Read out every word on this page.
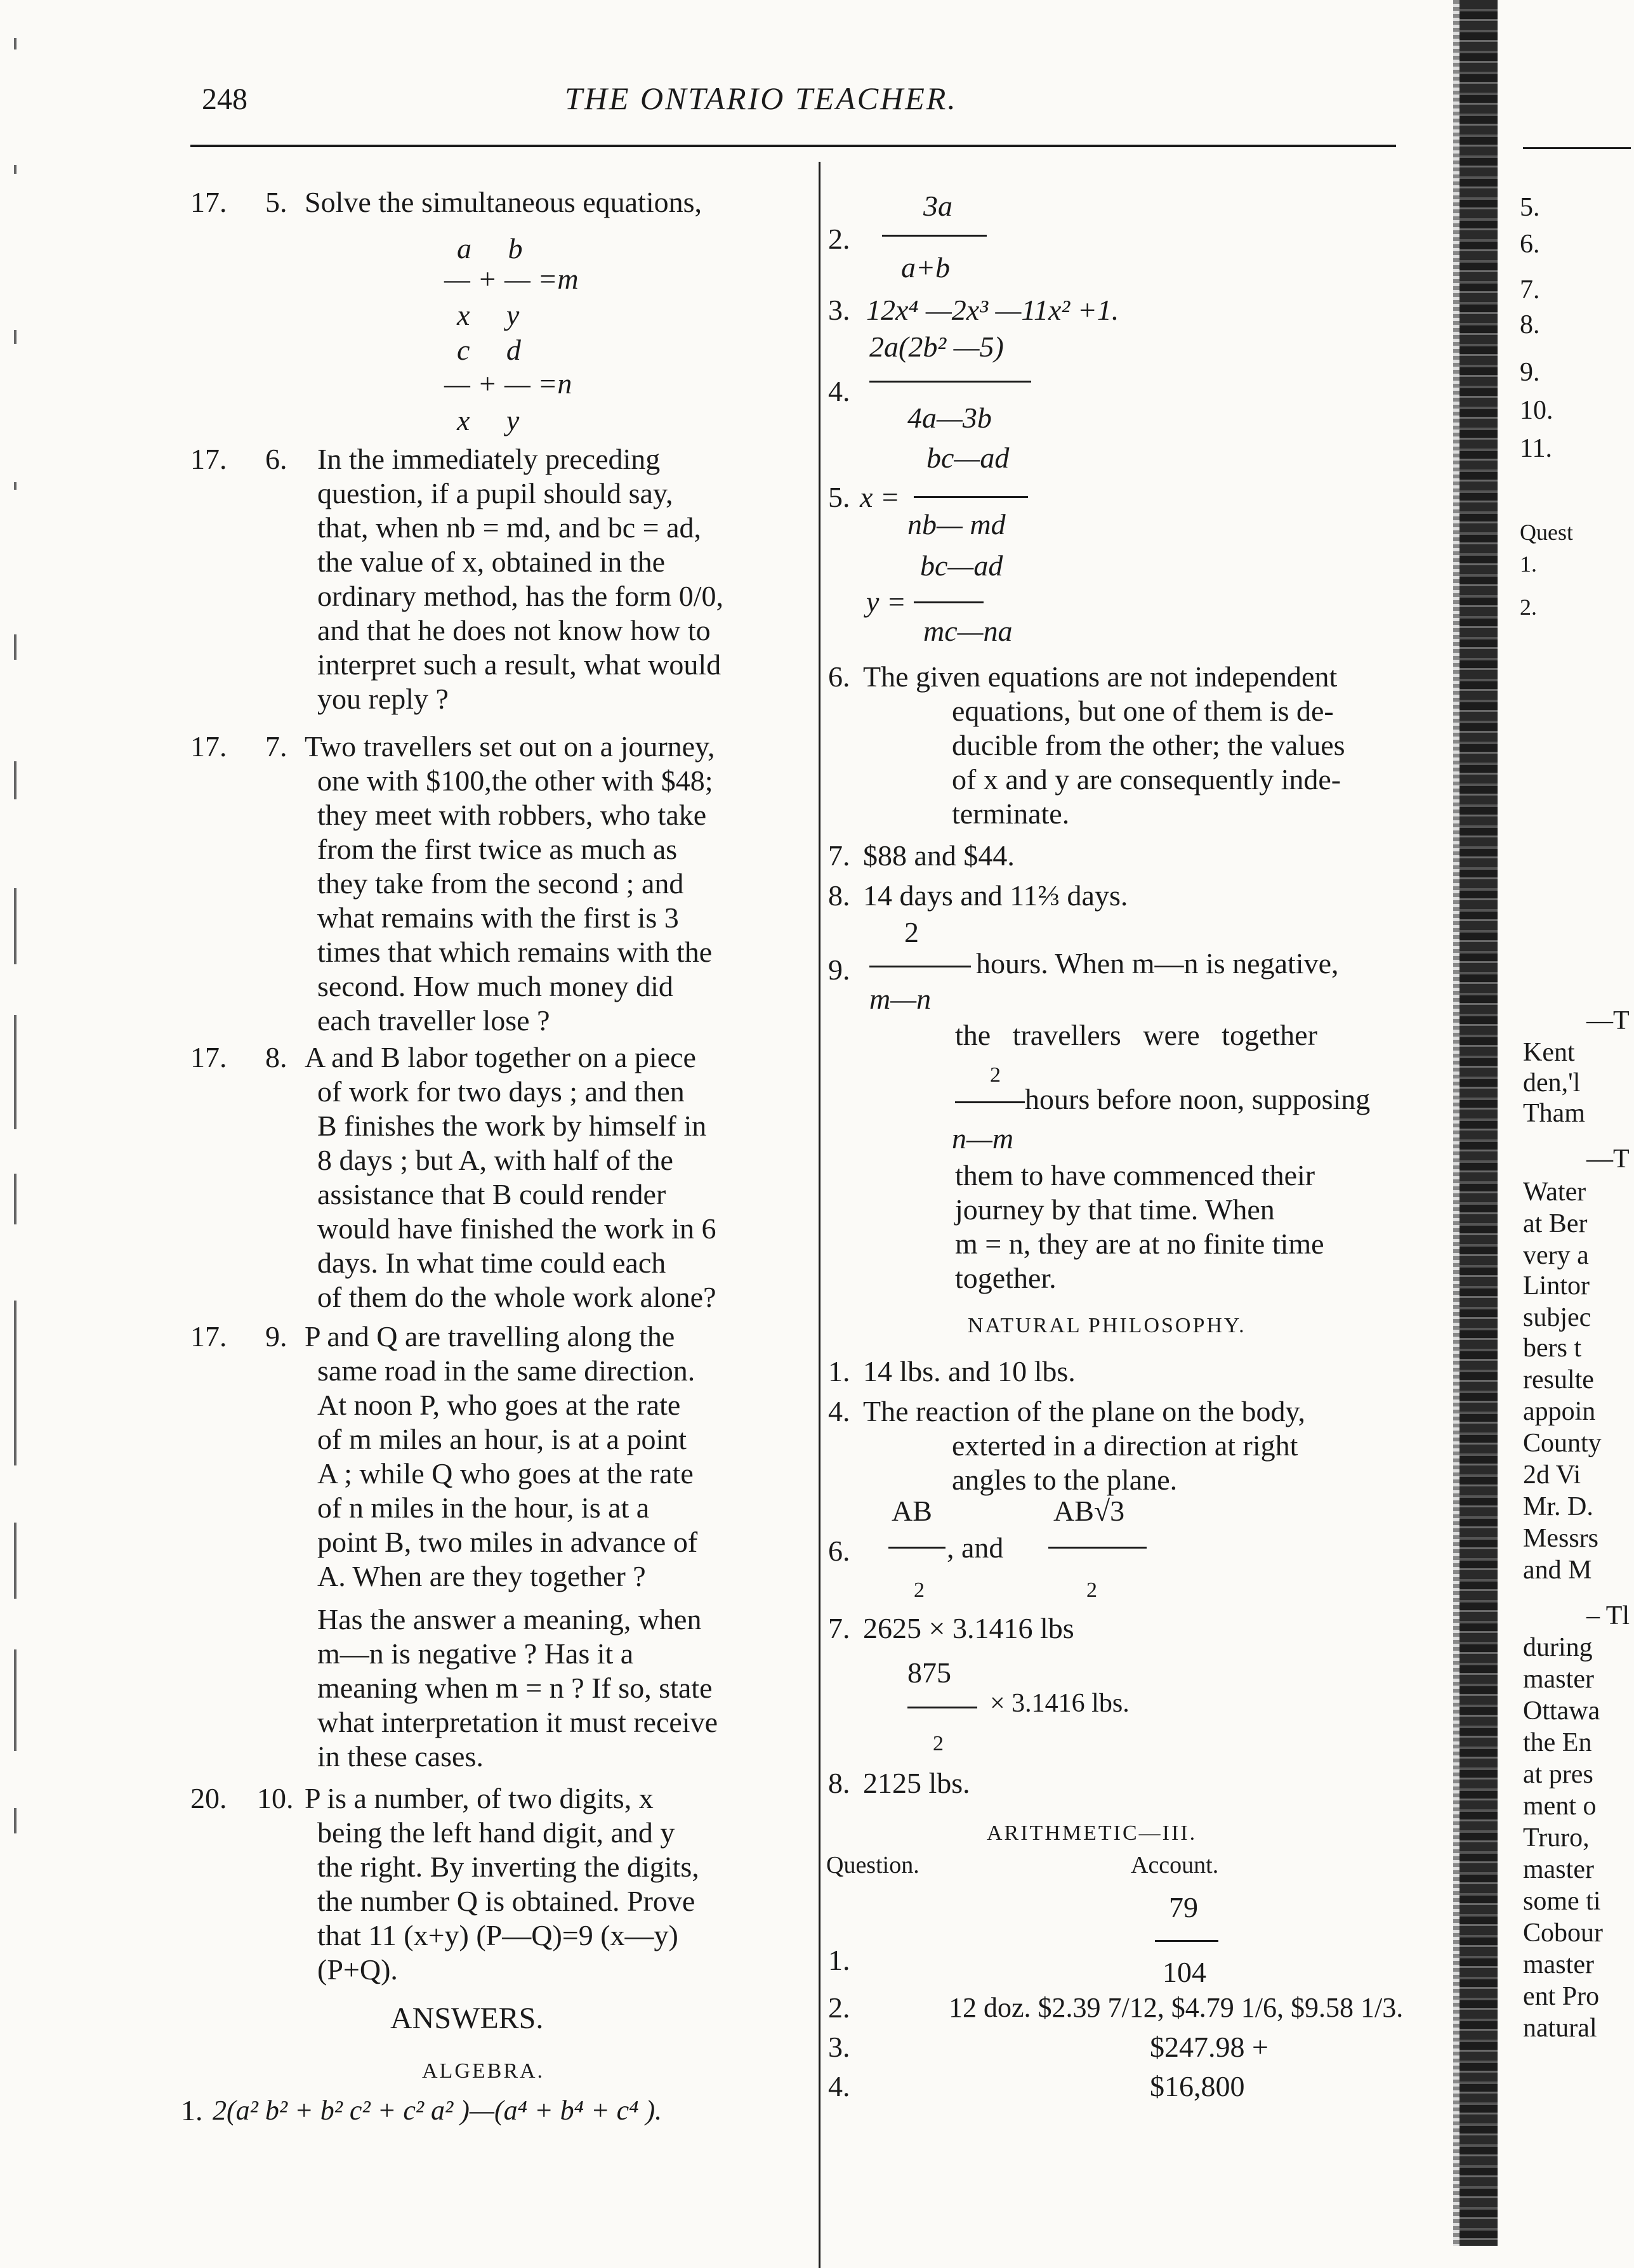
248	THE ONTARIO TEACHER.
17. 5. Solve the simultaneous equations,
a     b
— + — =m
x     y
c     d
— + — =n
x     y
17. 6. In the immediately preceding
question, if a pupil should say,
that, when nb = md, and bc = ad,
the value of x, obtained in the
ordinary method, has the form 0/0,
and that he does not know how to
interpret such a result, what would
you reply ?
17. 7. Two travellers set out on a journey,
one with $100,the other with $48;
they meet with robbers, who take
from the first twice as much as
they take from the second ; and
what remains with the first is 3
times that which remains with the
second. How much money did
each traveller lose ?
17. 8. A and B labor together on a piece
of work for two days ; and then
B finishes the work by himself in
8 days ; but A, with half of the
assistance that B could render
would have finished the work in 6
days. In what time could each
of them do the whole work alone?
17. 9. P and Q are travelling along the
same road in the same direction.
At noon P, who goes at the rate
of m miles an hour, is at a point
A ; while Q who goes at the rate
of n miles in the hour, is at a
point B, two miles in advance of
A. When are they together ?
Has the answer a meaning, when
m—n is negative ? Has it a
meaning when m = n ? If so, state
what interpretation it must receive
in these cases.
20. 10. P is a number, of two digits, x
being the left hand digit, and y
the right. By inverting the digits,
the number Q is obtained. Prove
that 11 (x+y) (P—Q)=9 (x—y)
(P+Q).
ANSWERS.
ALGEBRA.
1. 2(a² b² + b² c² + c² a² )—(a⁴ + b⁴ + c⁴ ).
2.
3a
a+b
3. 12x⁴ —2x³ —11x² +1.
4.
2a(2b² —5)
4a—3b
5. x =
bc—ad
nb— md
y =
bc—ad
mc—na
6. The given equations are not independent
equations, but one of them is de-
ducible from the other; the values
of x and y are consequently inde-
terminate.
7. $88 and $44.
8. 14 days and 11⅔ days.
9.
2
m—n
hours. When m—n is negative,
the   travellers   were   together
2
n—m
hours before noon, supposing
them to have commenced their
journey by that time. When
m = n, they are at no finite time
together.
NATURAL PHILOSOPHY.
1. 14 lbs. and 10 lbs.
4. The reaction of the plane on the body,
exterted in a direction at right
angles to the plane.
6.
AB
2
, and
AB√3
2
7. 2625 × 3.1416 lbs
875
2
× 3.1416 lbs.
8. 2125 lbs.
ARITHMETIC—III.
Question.	Account.
1.
79
104
2.	12 doz. $2.39 7/12, $4.79 1/6, $9.58 1/3.
3.	$247.98 +
4.	$16,800
5.
6.
7.
8.
9.
10.
11.
Quest
1.
2.
—T
Kent
den,'l
Tham
—T
Water
at Ber
very a
Lintor
subjec
bers t
resulte
appoin
County
2d Vi
Mr. D.
Messrs
and M
– Tl
during
master
Ottawa
the En
at pres
ment o
Truro,
master
some ti
Cobour
master
ent Pro
natural
